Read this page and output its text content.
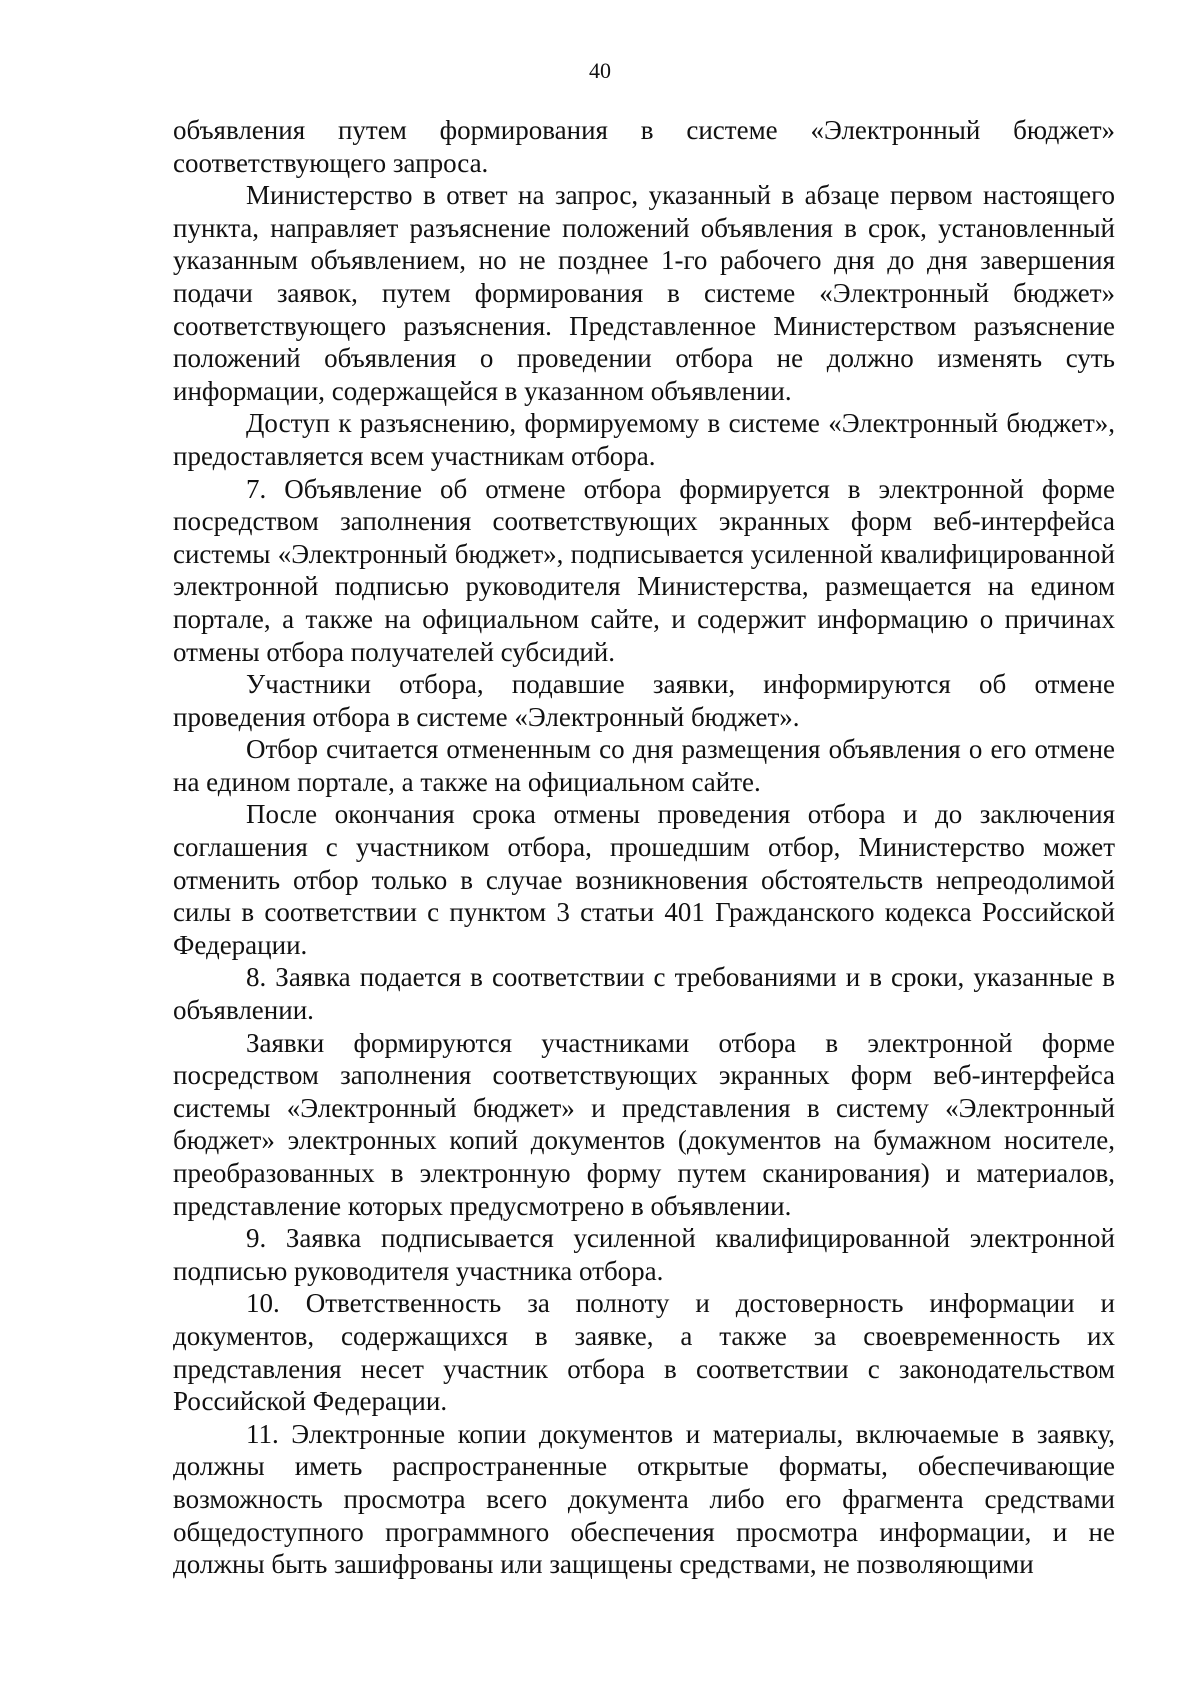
40

объявления путем формирования в системе «Электронный бюджет» соответствующего запроса.

Министерство в ответ на запрос, указанный в абзаце первом настоящего пункта, направляет разъяснение положений объявления в срок, установленный указанным объявлением, но не позднее 1-го рабочего дня до дня завершения подачи заявок, путем формирования в системе «Электронный бюджет» соответствующего разъяснения. Представленное Министерством разъяснение положений объявления о проведении отбора не должно изменять суть информации, содержащейся в указанном объявлении.

Доступ к разъяснению, формируемому в системе «Электронный бюджет», предоставляется всем участникам отбора.

7. Объявление об отмене отбора формируется в электронной форме посредством заполнения соответствующих экранных форм веб-интерфейса системы «Электронный бюджет», подписывается усиленной квалифицированной электронной подписью руководителя Министерства, размещается на едином портале, а также на официальном сайте, и содержит информацию о причинах отмены отбора получателей субсидий.

Участники отбора, подавшие заявки, информируются об отмене проведения отбора в системе «Электронный бюджет».

Отбор считается отмененным со дня размещения объявления о его отмене на едином портале, а также на официальном сайте.

После окончания срока отмены проведения отбора и до заключения соглашения с участником отбора, прошедшим отбор, Министерство может отменить отбор только в случае возникновения обстоятельств непреодолимой силы в соответствии с пунктом 3 статьи 401 Гражданского кодекса Российской Федерации.

8. Заявка подается в соответствии с требованиями и в сроки, указанные в объявлении.

Заявки формируются участниками отбора в электронной форме посредством заполнения соответствующих экранных форм веб-интерфейса системы «Электронный бюджет» и представления в систему «Электронный бюджет» электронных копий документов (документов на бумажном носителе, преобразованных в электронную форму путем сканирования) и материалов, представление которых предусмотрено в объявлении.

9. Заявка подписывается усиленной квалифицированной электронной подписью руководителя участника отбора.

10. Ответственность за полноту и достоверность информации и документов, содержащихся в заявке, а также за своевременность их представления несет участник отбора в соответствии с законодательством Российской Федерации.

11. Электронные копии документов и материалы, включаемые в заявку, должны иметь распространенные открытые форматы, обеспечивающие возможность просмотра всего документа либо его фрагмента средствами общедоступного программного обеспечения просмотра информации, и не должны быть зашифрованы или защищены средствами, не позволяющими
